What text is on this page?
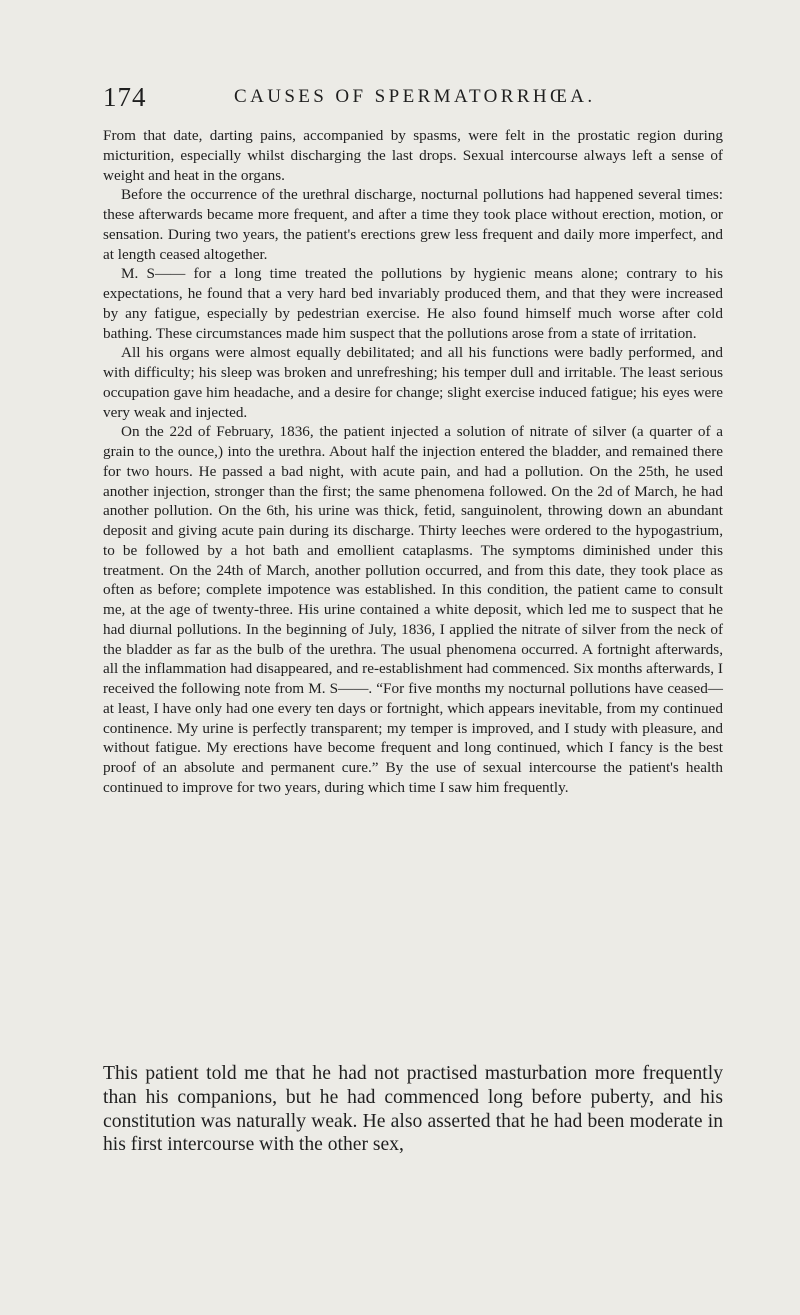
174	CAUSES OF SPERMATORRHŒA.

From that date, darting pains, accompanied by spasms, were felt in the prostatic region during micturition, especially whilst discharging the last drops. Sexual intercourse always left a sense of weight and heat in the organs.

Before the occurrence of the urethral discharge, nocturnal pollutions had happened several times: these afterwards became more frequent, and after a time they took place without erection, motion, or sensation. During two years, the patient's erections grew less frequent and daily more imperfect, and at length ceased altogether.

M. S—— for a long time treated the pollutions by hygienic means alone; contrary to his expectations, he found that a very hard bed invariably produced them, and that they were increased by any fatigue, especially by pedestrian exercise. He also found himself much worse after cold bathing. These circumstances made him suspect that the pollutions arose from a state of irritation.

All his organs were almost equally debilitated; and all his functions were badly performed, and with difficulty; his sleep was broken and unrefreshing; his temper dull and irritable. The least serious occupation gave him headache, and a desire for change; slight exercise induced fatigue; his eyes were very weak and injected.

On the 22d of February, 1836, the patient injected a solution of nitrate of silver (a quarter of a grain to the ounce,) into the urethra. About half the injection entered the bladder, and remained there for two hours. He passed a bad night, with acute pain, and had a pollution. On the 25th, he used another injection, stronger than the first; the same phenomena followed. On the 2d of March, he had another pollution. On the 6th, his urine was thick, fetid, sanguinolent, throwing down an abundant deposit and giving acute pain during its discharge. Thirty leeches were ordered to the hypogastrium, to be followed by a hot bath and emollient cataplasms. The symptoms diminished under this treatment. On the 24th of March, another pollution occurred, and from this date, they took place as often as before; complete impotence was established. In this condition, the patient came to consult me, at the age of twenty-three. His urine contained a white deposit, which led me to suspect that he had diurnal pollutions. In the beginning of July, 1836, I applied the nitrate of silver from the neck of the bladder as far as the bulb of the urethra. The usual phenomena occurred. A fortnight afterwards, all the inflammation had disappeared, and re-establishment had commenced. Six months afterwards, I received the following note from M. S——. “For five months my nocturnal pollutions have ceased—at least, I have only had one every ten days or fortnight, which appears inevitable, from my continued continence. My urine is perfectly transparent; my temper is improved, and I study with pleasure, and without fatigue. My erections have become frequent and long continued, which I fancy is the best proof of an absolute and permanent cure.” By the use of sexual intercourse the patient's health continued to improve for two years, during which time I saw him frequently.

This patient told me that he had not practised masturbation more frequently than his companions, but he had commenced long before puberty, and his constitution was naturally weak. He also asserted that he had been moderate in his first intercourse with the other sex,
